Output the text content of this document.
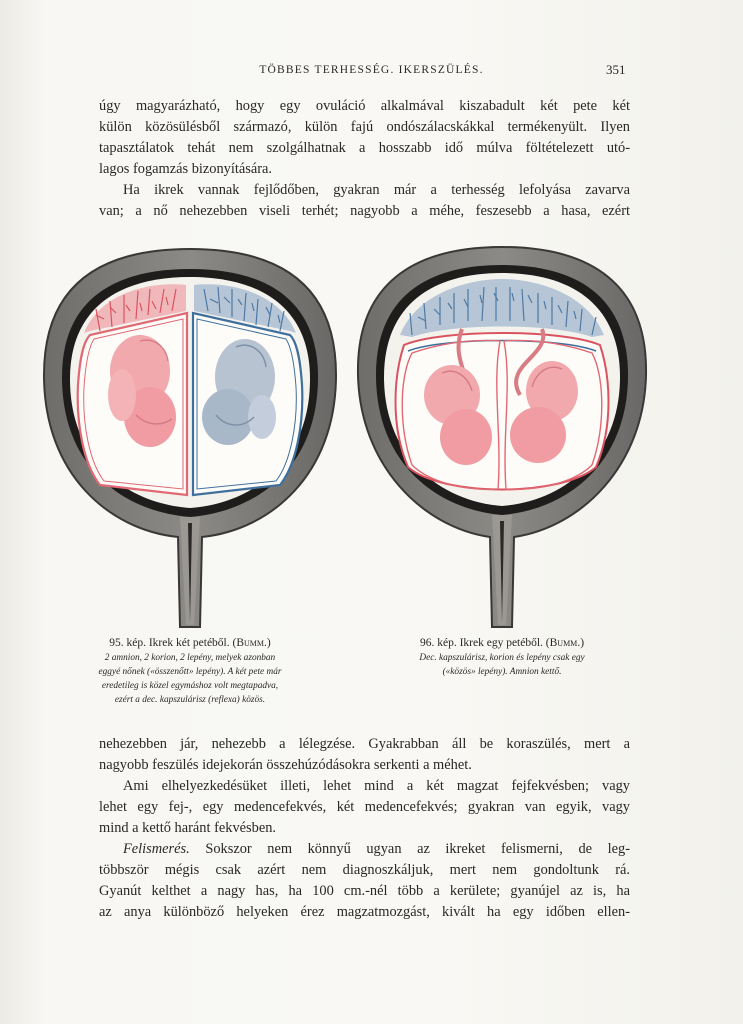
TÖBBES TERHESSÉG. IKERSZÜLÉS.	351
úgy magyarázható, hogy egy ovuláció alkalmával kiszabadult két pete két
külön közösülésből származó, külön fajú ondószálacskákkal termékenyült. Ilyen
tapasztálatok tehát nem szolgálhatnak a hosszabb idő múlva föltételezett utó-
lagos fogamzás bizonyítására.
Ha ikrek vannak fejlődőben, gyakran már a terhesség lefolyása zavarva
van; a nő nehezebben viseli terhét; nagyobb a méhe, feszesebb a hasa, ezért
95. kép. Ikrek két petéből. (Bumm.)
2 amnion, 2 korion, 2 lepény, melyek azonban
eggyé nőnek («összenőtt» lepény). A két pete már
eredetileg is közel egymáshoz volt megtapadva,
ezért a dec. kapszulárisz (reflexa) közös.
96. kép. Ikrek egy petéből. (Bumm.)
Dec. kapszulárisz, korion és lepény csak egy
(«közös» lepény). Amnion kettő.
nehezebben jár, nehezebb a lélegzése. Gyakrabban áll be koraszülés, mert a
nagyobb feszülés idejekorán összehúzódásokra serkenti a méhet.
Ami elhelyezkedésüket illeti, lehet mind a két magzat fejfekvésben; vagy
lehet egy fej-, egy medencefekvés, két medencefekvés; gyakran van egyik, vagy
mind a kettő haránt fekvésben.
Felismerés. Sokszor nem könnyű ugyan az ikreket felismerni, de leg-
többször mégis csak azért nem diagnoszkáljuk, mert nem gondoltunk rá.
Gyanút kelthet a nagy has, ha 100 cm.-nél több a kerülete; gyanújel az is, ha
az anya különböző helyeken érez magzatmozgást, kivált ha egy időben ellen-
